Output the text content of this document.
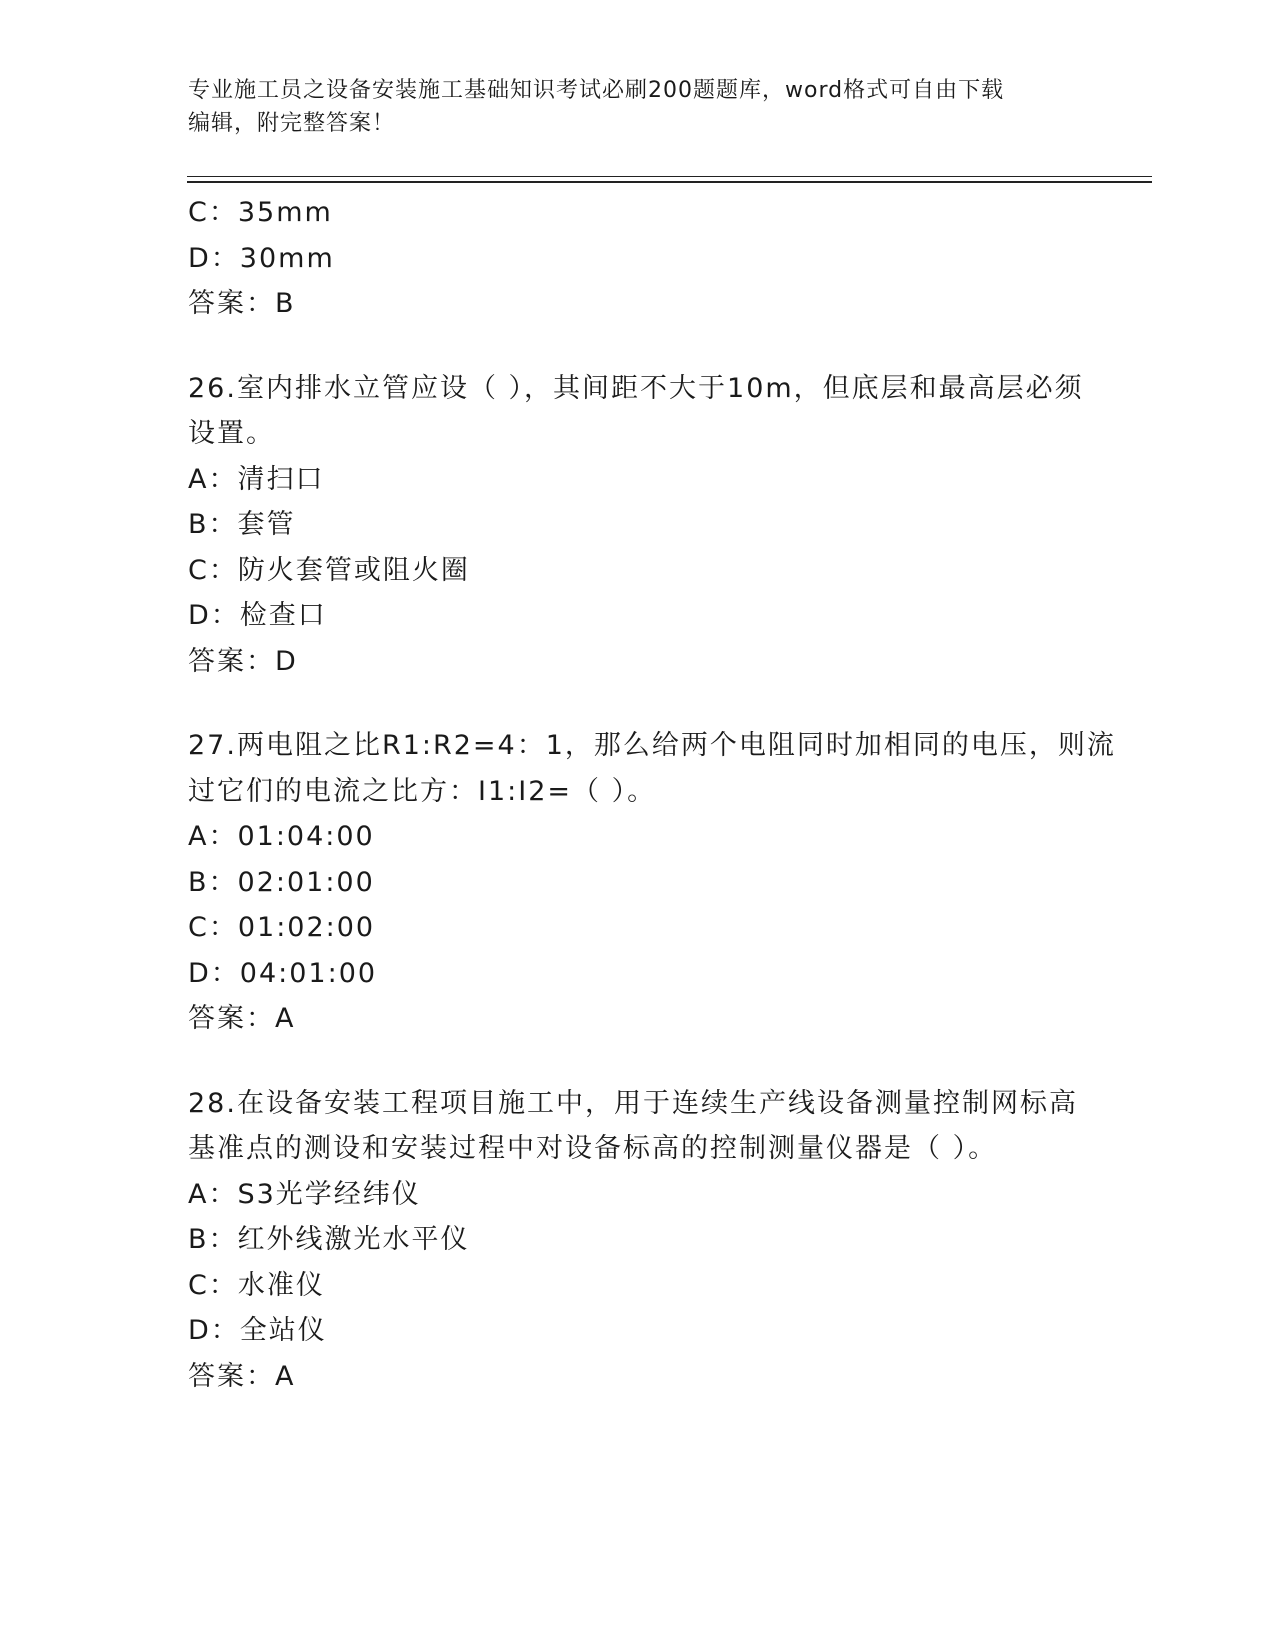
专业施工员之设备安装施工基础知识考试必刷200题题库，word格式可自由下载
编辑，附完整答案！
C：35mm
D：30mm
答案：B
26.室内排水立管应设（ ），其间距不大于10m，但底层和最高层必须
设置。
A：清扫口
B：套管
C：防火套管或阻火圈
D：检查口
答案：D
27.两电阻之比R1:R2=4：1，那么给两个电阻同时加相同的电压，则流
过它们的电流之比方：I1:I2=（ ）。
A：01:04:00
B：02:01:00
C：01:02:00
D：04:01:00
答案：A
28.在设备安装工程项目施工中，用于连续生产线设备测量控制网标高
基准点的测设和安装过程中对设备标高的控制测量仪器是（ ）。
A：S3光学经纬仪
B：红外线激光水平仪
C：水准仪
D：全站仪
答案：A
